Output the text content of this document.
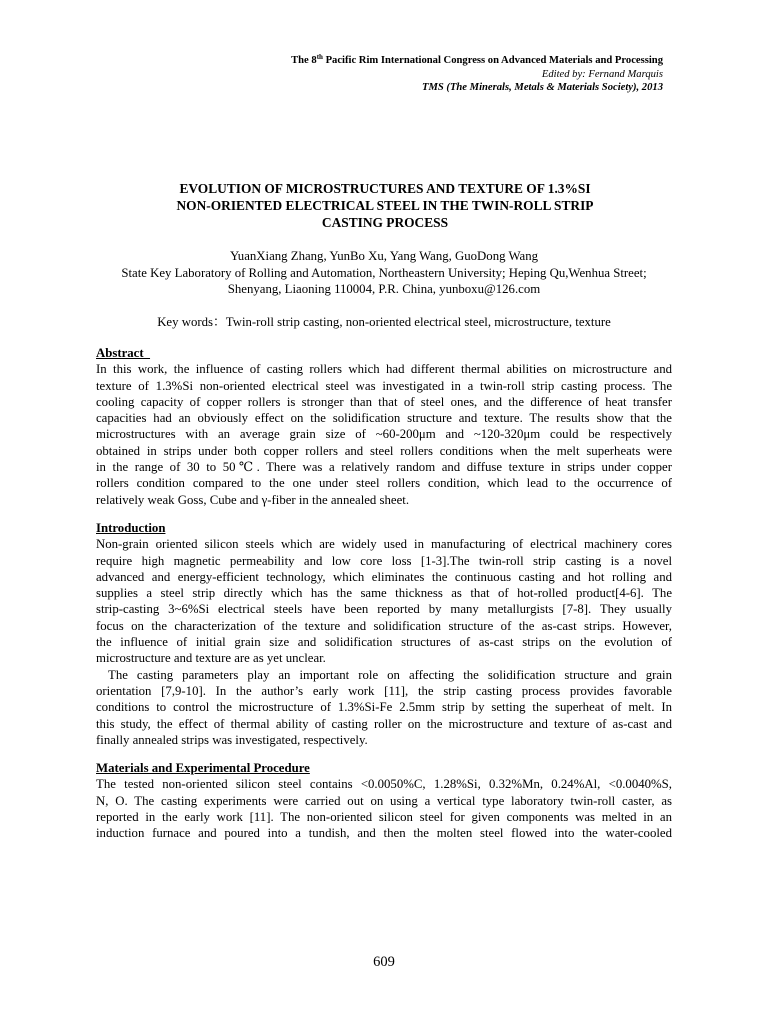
The 8th Pacific Rim International Congress on Advanced Materials and Processing
Edited by: Fernand Marquis
TMS (The Minerals, Metals & Materials Society), 2013
EVOLUTION OF MICROSTRUCTURES AND TEXTURE OF 1.3%SI
NON-ORIENTED ELECTRICAL STEEL IN THE TWIN-ROLL STRIP
CASTING PROCESS
YuanXiang Zhang, YunBo Xu, Yang Wang, GuoDong Wang
State Key Laboratory of Rolling and Automation, Northeastern University; Heping Qu,Wenhua Street;
Shenyang, Liaoning 110004, P.R. China, yunboxu@126.com
Key words：Twin-roll strip casting, non-oriented electrical steel, microstructure, texture
Abstract
In this work, the influence of casting rollers which had different thermal abilities on microstructure and
texture of 1.3%Si non-oriented electrical steel was investigated in a twin-roll strip casting process. The
cooling capacity of copper rollers is stronger than that of steel ones, and the difference of heat transfer
capacities had an obviously effect on the solidification structure and texture. The results show that the
microstructures with an average grain size of ~60-200μm and ~120-320μm could be respectively
obtained in strips under both copper rollers and steel rollers conditions when the melt superheats were
in the range of 30 to 50℃. There was a relatively random and diffuse texture in strips under copper
rollers condition compared to the one under steel rollers condition, which lead to the occurrence of
relatively weak Goss, Cube and γ-fiber in the annealed sheet.
Introduction
Non-grain oriented silicon steels which are widely used in manufacturing of electrical machinery cores
require high magnetic permeability and low core loss [1-3].The twin-roll strip casting is a novel
advanced and energy-efficient technology, which eliminates the continuous casting and hot rolling and
supplies a steel strip directly which has the same thickness as that of hot-rolled product[4-6]. The
strip-casting 3~6%Si electrical steels have been reported by many metallurgists [7-8]. They usually
focus on the characterization of the texture and solidification structure of the as-cast strips. However,
the influence of initial grain size and solidification structures of as-cast strips on the evolution of
microstructure and texture are as yet unclear.
The casting parameters play an important role on affecting the solidification structure and grain
orientation [7,9-10]. In the author’s early work [11], the strip casting process provides favorable
conditions to control the microstructure of 1.3%Si-Fe 2.5mm strip by setting the superheat of melt. In
this study, the effect of thermal ability of casting roller on the microstructure and texture of as-cast and
finally annealed strips was investigated, respectively.
Materials and Experimental Procedure
The tested non-oriented silicon steel contains <0.0050%C, 1.28%Si, 0.32%Mn, 0.24%Al, <0.0040%S,
N, O. The casting experiments were carried out on using a vertical type laboratory twin-roll caster, as
reported in the early work [11]. The non-oriented silicon steel for given components was melted in an
induction furnace and poured into a tundish, and then the molten steel flowed into the water-cooled
609
